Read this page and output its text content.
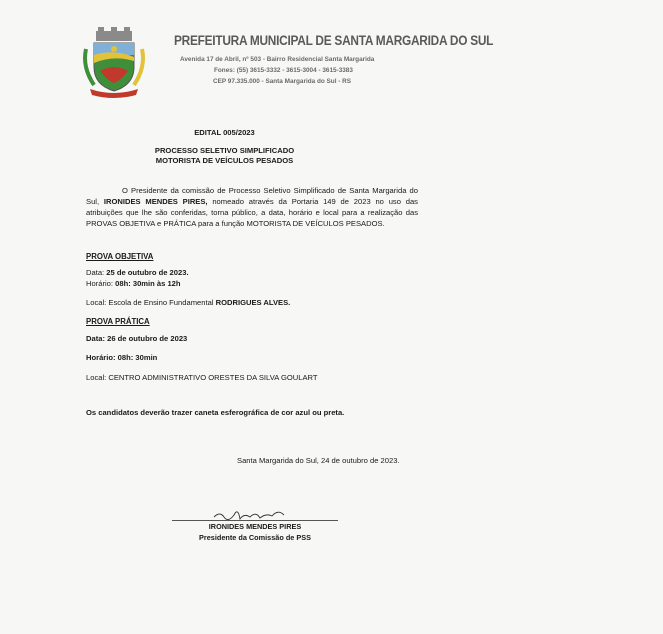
PREFEITURA MUNICIPAL DE SANTA MARGARIDA DO SUL
Avenida 17 de Abril, nº 503 - Bairro Residencial Santa Margarida
Fones: (55) 3615-3332 - 3615-3004 - 3615-3383
CEP 97.335.000 - Santa Margarida do Sul - RS
EDITAL 005/2023
PROCESSO SELETIVO SIMPLIFICADO
MOTORISTA DE VEÍCULOS PESADOS
O Presidente da comissão de Processo Seletivo Simplificado de Santa Margarida do Sul, IRONIDES MENDES PIRES, nomeado através da Portaria 149 de 2023 no uso das atribuições que lhe são conferidas, torna público, a data, horário e local para a realização das PROVAS OBJETIVA e PRÁTICA para a função MOTORISTA DE VEÍCULOS PESADOS.
PROVA OBJETIVA
Data: 25 de outubro de 2023.
Horário: 08h: 30min às 12h
Local: Escola de Ensino Fundamental RODRIGUES ALVES.
PROVA PRÁTICA
Data: 26 de outubro de 2023
Horário: 08h: 30min
Local: CENTRO ADMINISTRATIVO ORESTES DA SILVA GOULART
Os candidatos deverão trazer caneta esferográfica de cor azul ou preta.
Santa Margarida do Sul, 24 de outubro de 2023.
IRONIDES MENDES PIRES
Presidente da Comissão de PSS
